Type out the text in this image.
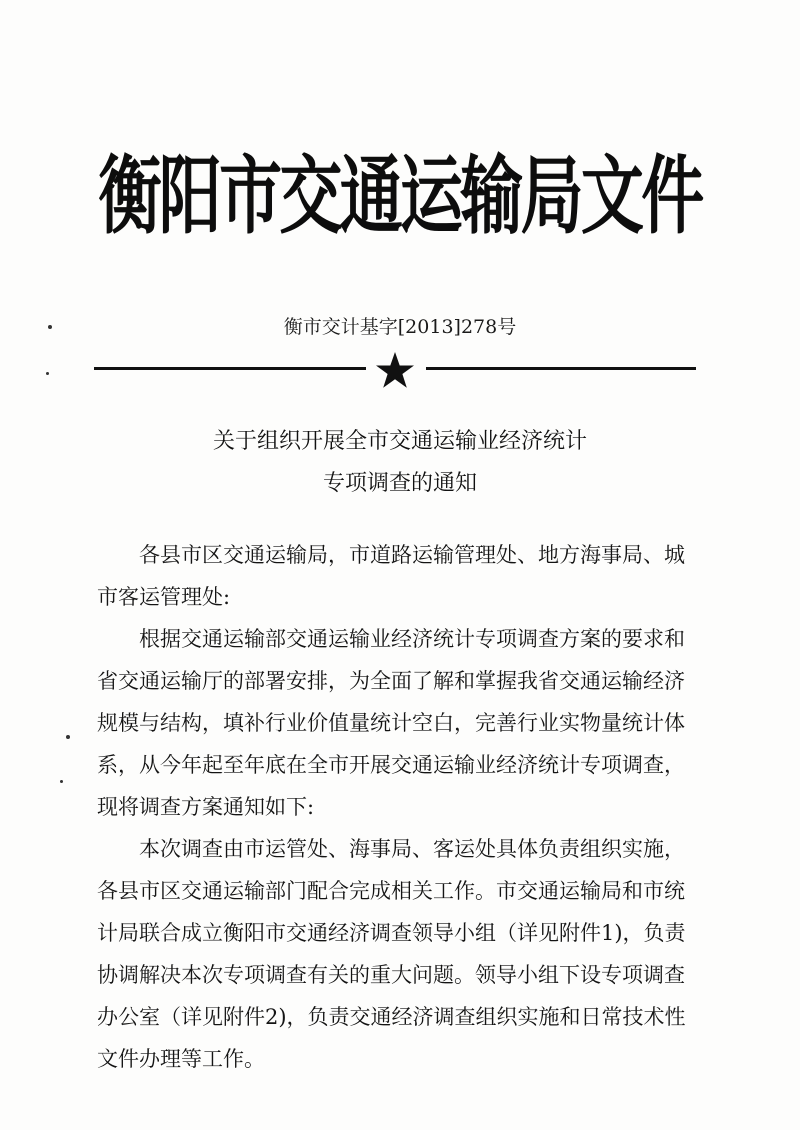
衡阳市交通运输局文件
衡市交计基字[2013]278号
关于组织开展全市交通运输业经济统计
专项调查的通知
　　各县市区交通运输局，市道路运输管理处、地方海事局、城
市客运管理处:
　　根据交通运输部交通运输业经济统计专项调查方案的要求和
省交通运输厅的部署安排，为全面了解和掌握我省交通运输经济
规模与结构，填补行业价值量统计空白，完善行业实物量统计体
系，从今年起至年底在全市开展交通运输业经济统计专项调查，
现将调查方案通知如下:
　　本次调查由市运管处、海事局、客运处具体负责组织实施，
各县市区交通运输部门配合完成相关工作。市交通运输局和市统
计局联合成立衡阳市交通经济调查领导小组（详见附件1)，负责
协调解决本次专项调查有关的重大问题。领导小组下设专项调查
办公室（详见附件2)，负责交通经济调查组织实施和日常技术性
文件办理等工作。
